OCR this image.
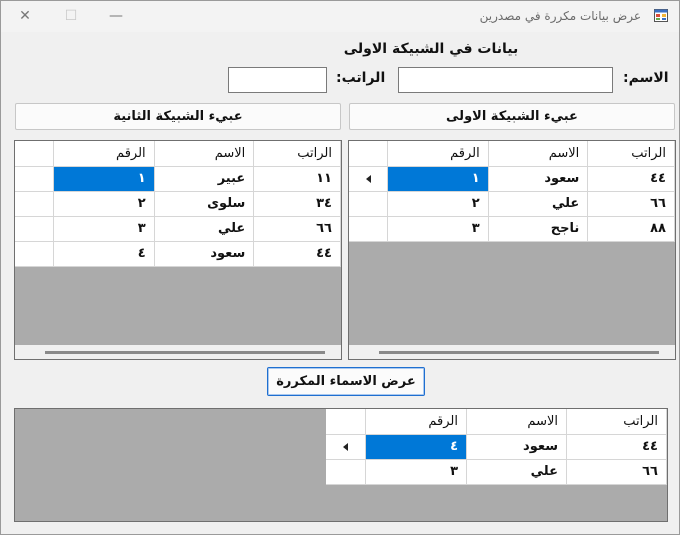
✕ ☐ —	عرض بيانات مكررة في مصدرين
بيانات في الشبيكة الاولى
الاسم:
الراتب:
عبيء الشبيكة الاولى
عبيء الشبيكة الثانية
	الرقم	الاسم	الراتب

	١	سعود	٤٤
	٢	علي	٦٦
	٣	ناجح	٨٨
	الرقم	الاسم	الراتب
	١	عبير	١١
	٢	سلوى	٣٤
	٣	علي	٦٦
	٤	سعود	٤٤
عرض الاسماء المكررة
	الرقم	الاسم	الراتب

	٤	سعود	٤٤
	٣	علي	٦٦
